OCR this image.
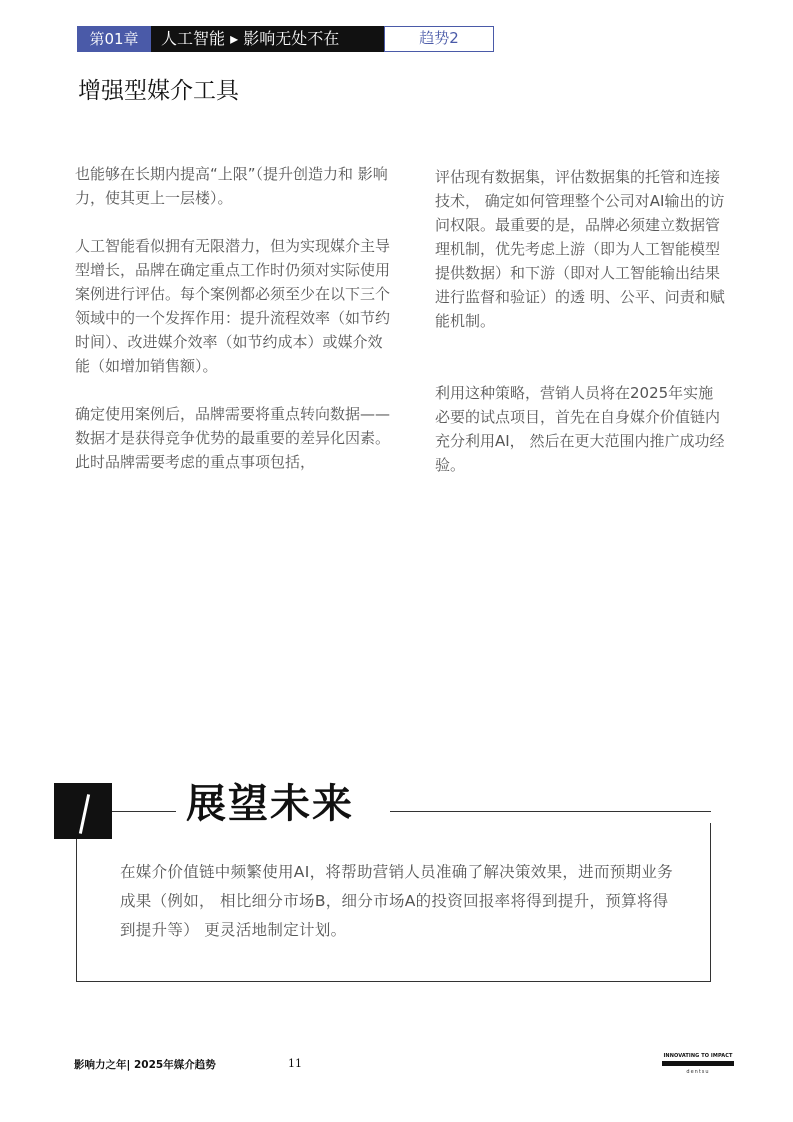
第01章	人工智能 ▸ 影响无处不在	趋势2
增强型媒介工具

也能够在长期内提高“上限”（提升创造力和 影响力，使其更上一层楼）。

人工智能看似拥有无限潜力，但为实现媒介主导型增长，品牌在确定重点工作时仍须对实际使用 案例进行评估。每个案例都必须至少在以下三个领域中的一个发挥作用：提升流程效率（如节约时间）、改进媒介效率（如节约成本）或媒介效能（如增加销售额）。

确定使用案例后，品牌需要将重点转向数据——数据才是获得竞争优势的最重要的差异化因素。此时品牌需要考虑的重点事项包括，

评估现有数据集，评估数据集的托管和连接技术， 确定如何管理整个公司对AI输出的访问权限。最重要的是，品牌必须建立数据管理机制，优先考虑上游（即为人工智能模型提供数据）和下游（即对人工智能输出结果进行监督和验证）的透 明、公平、问责和赋能机制。

利用这种策略，营销人员将在2025年实施必要的试点项目，首先在自身媒介价值链内充分利用AI， 然后在更大范围内推广成功经验。

展望未来

在媒介价值链中频繁使用AI，将帮助营销人员准确了解决策效果，进而预期业务成果（例如， 相比细分市场B，细分市场A的投资回报率将得到提升，预算将得到提升等） 更灵活地制定计划。

影响力之年| 2025年媒介趋势	11
INNOVATING TO IMPACT
dentsu
